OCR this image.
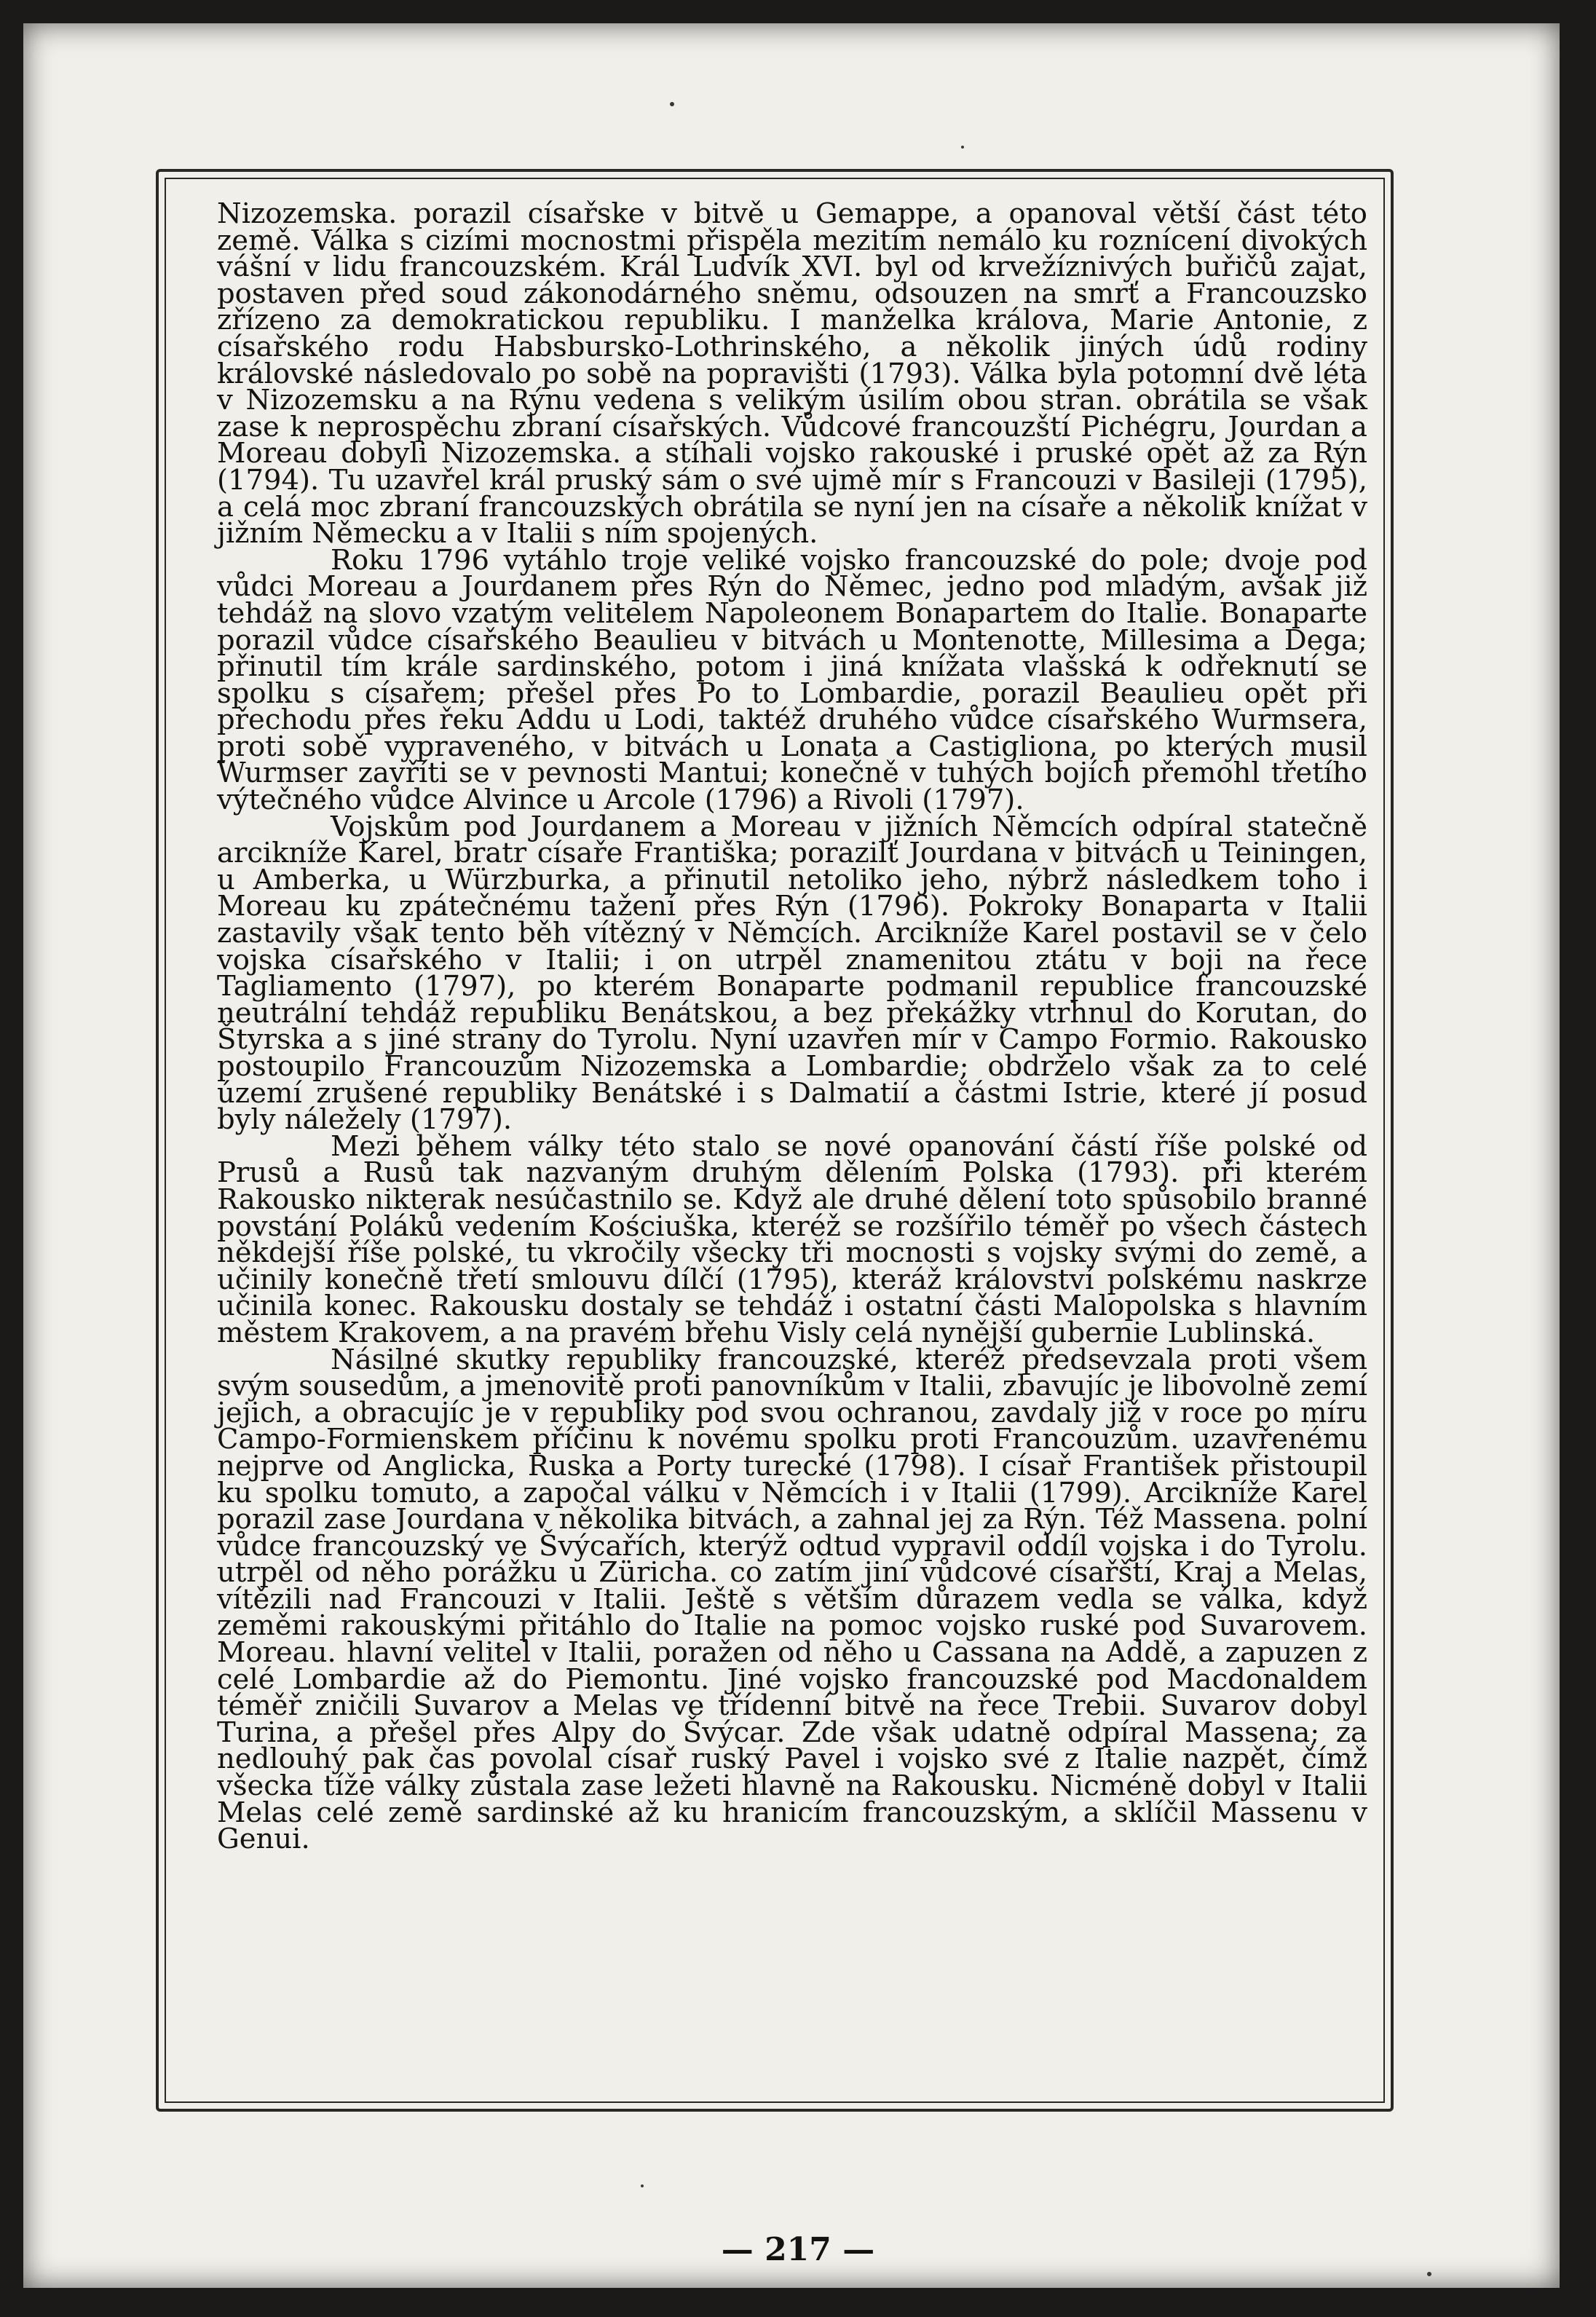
Nizozemska. porazil císařske v bitvě u Gemappe, a opanoval větší část této země. Válka s cizími mocnostmi přispěla mezitím nemálo ku roznícení divokých vášní v lidu francouzském. Král Ludvík XVI. byl od krvežíznivých buřičů zajat, postaven před soud zákonodárného sněmu, odsouzen na smrť a Francouzsko zřízeno za demokratickou republiku. I manželka králova, Marie Antonie, z císařského rodu Habsbursko-Lothrinského, a několik jiných údů rodiny královské následovalo po sobě na popravišti (1793). Válka byla potomní dvě léta v Nizozemsku a na Rýnu vedena s velikým úsilím obou stran. obrátila se však zase k neprospěchu zbraní císařských. Vůdcové francouzští Pichégru, Jourdan a Moreau dobyli Nizozemska. a stíhali vojsko rakouské i pruské opět až za Rýn (1794). Tu uzavřel král pruský sám o své ujmě mír s Francouzi v Basileji (1795), a celá moc zbraní francouzských obrátila se nyní jen na císaře a několik knížat v jižním Německu a v Italii s ním spojených.

Roku 1796 vytáhlo troje veliké vojsko francouzské do pole; dvoje pod vůdci Moreau a Jourdanem přes Rýn do Němec, jedno pod mladým, avšak již tehdáž na slovo vzatým velitelem Napoleonem Bonapartem do Italie. Bonaparte porazil vůdce císařského Beaulieu v bitvách u Montenotte, Millesima a Dega; přinutil tím krále sardinského, potom i jiná knížata vlašská k odřeknutí se spolku s císařem; přešel přes Po to Lombardie, porazil Beaulieu opět při přechodu přes řeku Addu u Lodi, taktéž druhého vůdce císařského Wurmsera, proti sobě vypraveného, v bitvách u Lonata a Castigliona, po kterých musil Wurmser zavříti se v pevnosti Mantui; konečně v tuhých bojích přemohl třetího výtečného vůdce Alvince u Arcole (1796) a Rivoli (1797).

Vojskům pod Jourdanem a Moreau v jižních Němcích odpíral statečně arcikníže Karel, bratr císaře Františka; porazilť Jourdana v bitvách u Teiningen, u Amberka, u Würzburka, a přinutil netoliko jeho, nýbrž následkem toho i Moreau ku zpátečnému tažení přes Rýn (1796). Pokroky Bonaparta v Italii zastavily však tento běh vítězný v Němcích. Arcikníže Karel postavil se v čelo vojska císařského v Italii; i on utrpěl znamenitou ztátu v boji na řece Tagliamento (1797), po kterém Bonaparte podmanil republice francouzské neutrální tehdáž republiku Benátskou, a bez překážky vtrhnul do Korutan, do Štyrska a s jiné strany do Tyrolu. Nyní uzavřen mír v Campo Formio. Rakousko postoupilo Francouzům Nizozemska a Lombardie; obdrželo však za to celé území zrušené republiky Benátské i s Dalmatií a částmi Istrie, které jí posud byly náležely (1797).

Mezi během války této stalo se nové opanování částí říše polské od Prusů a Rusů tak nazvaným druhým dělením Polska (1793). při kterém Rakousko nikterak nesúčastnilo se. Když ale druhé dělení toto spůsobilo branné povstání Poláků vedením Kościuška, kteréž se rozšířilo téměř po všech částech někdejší říše polské, tu vkročily všecky tři mocnosti s vojsky svými do země, a učinily konečně třetí smlouvu dílčí (1795), kteráž království polskému naskrze učinila konec. Rakousku dostaly se tehdáž i ostatní části Malopolska s hlavním městem Krakovem, a na pravém břehu Visly celá nynější gubernie Lublinská.

Násilné skutky republiky francouzské, kteréž předsevzala proti všem svým sousedům, a jmenovitě proti panovníkům v Italii, zbavujíc je libovolně zemí jejich, a obracujíc je v republiky pod svou ochranou, zavdaly již v roce po míru Campo-Formienskem příčinu k novému spolku proti Francouzům. uzavřenému nejprve od Anglicka, Ruska a Porty turecké (1798). I císař František přistoupil ku spolku tomuto, a započal válku v Němcích i v Italii (1799). Arcikníže Karel porazil zase Jourdana v několika bitvách, a zahnal jej za Rýn. Též Massena. polní vůdce francouzský ve Švýcařích, kterýž odtud vypravil oddíl vojska i do Tyrolu. utrpěl od něho porážku u Züricha. co zatím jiní vůdcové císařští, Kraj a Melas, vítězili nad Francouzi v Italii. Ještě s větším důrazem vedla se válka, když zeměmi rakouskými přitáhlo do Italie na pomoc vojsko ruské pod Suvarovem. Moreau. hlavní velitel v Italii, poražen od něho u Cassana na Addě, a zapuzen z celé Lombardie až do Piemontu. Jiné vojsko francouzské pod Macdonaldem téměř zničili Suvarov a Melas ve třídenní bitvě na řece Trebii. Suvarov dobyl Turina, a přešel přes Alpy do Švýcar. Zde však udatně odpíral Massena; za nedlouhý pak čas povolal císař ruský Pavel i vojsko své z Italie nazpět, čímž všecka tíže války zůstala zase ležeti hlavně na Rakousku. Nicméně dobyl v Italii Melas celé země sardinské až ku hranicím francouzským, a sklíčil Massenu v Genui.

— 217 —
